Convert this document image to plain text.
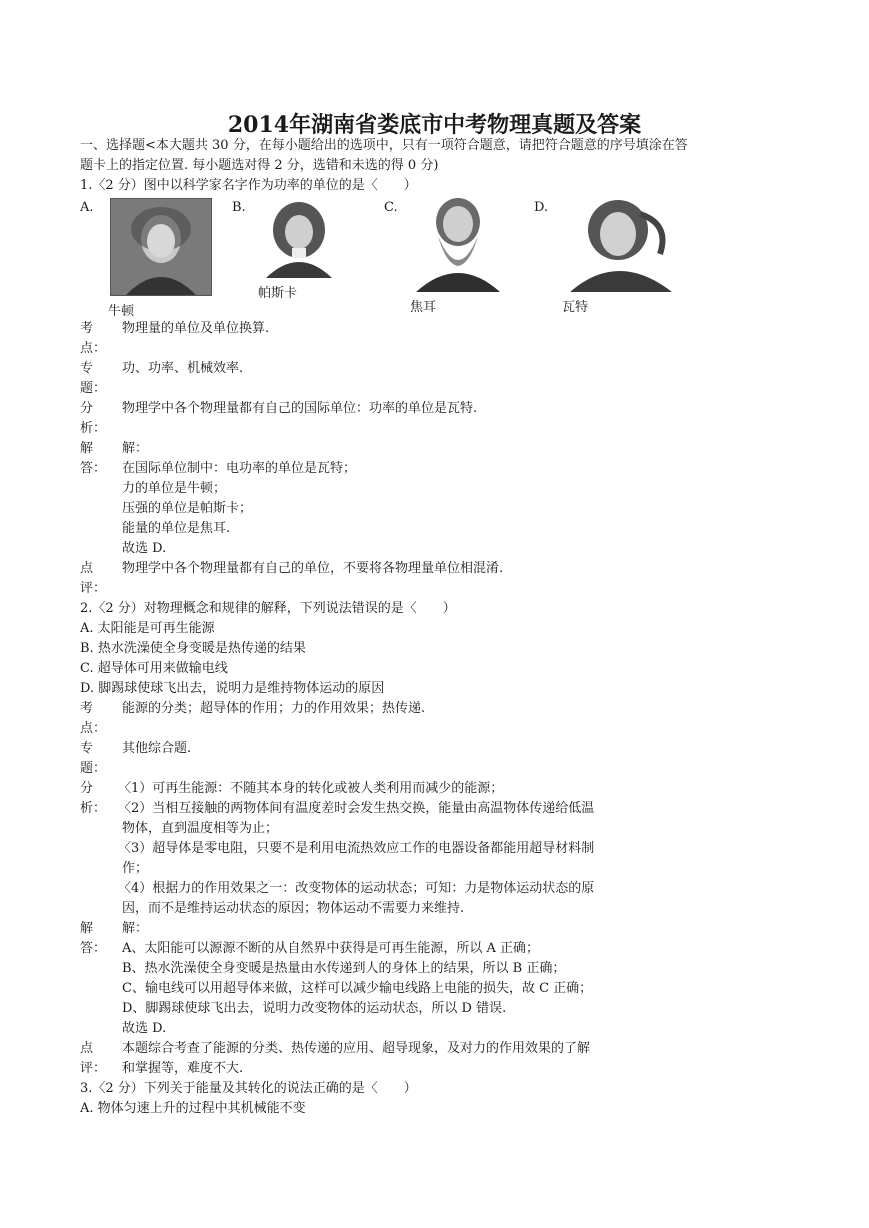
2014年湖南省娄底市中考物理真题及答案
一、选择题<本大题共 30 分，在每小题给出的选项中，只有一项符合题意，请把符合题意的序号填涂在答
题卡上的指定位置. 每小题选对得 2 分，选错和未选的得 0 分)
1.〈2 分）图中以科学家名字作为功率的单位的是〈　　）
A.
牛顿
B.
帕斯卡
C.
焦耳
D.
瓦特
考
点：
物理量的单位及单位换算.
专
题：
功、功率、机械效率.
分
析：
物理学中各个物理量都有自己的国际单位：功率的单位是瓦特.
解
答：
解：
在国际单位制中：电功率的单位是瓦特；
力的单位是牛顿；
压强的单位是帕斯卡；
能量的单位是焦耳.
故选 D.
点
评：
物理学中各个物理量都有自己的单位，不要将各物理量单位相混淆.
2.〈2 分）对物理概念和规律的解释，下列说法错误的是〈　　）
A. 太阳能是可再生能源
B. 热水洗澡使全身变暖是热传递的结果
C. 超导体可用来做输电线
D. 脚踢球使球飞出去，说明力是维持物体运动的原因
考
点：
能源的分类；超导体的作用；力的作用效果；热传递.
专
题：
其他综合题.
分
析：
〈1）可再生能源：不随其本身的转化或被人类利用而减少的能源；
〈2）当相互接触的两物体间有温度差时会发生热交换，能量由高温物体传递给低温
物体，直到温度相等为止；
〈3）超导体是零电阻，只要不是利用电流热效应工作的电器设备都能用超导材料制
作；
〈4）根据力的作用效果之一：改变物体的运动状态；可知：力是物体运动状态的原
因，而不是维持运动状态的原因；物体运动不需要力来维持.
解
答：
解：
A、太阳能可以源源不断的从自然界中获得是可再生能源，所以 A 正确；
B、热水洗澡使全身变暖是热量由水传递到人的身体上的结果，所以 B 正确；
C、输电线可以用超导体来做，这样可以减少输电线路上电能的损失，故 C 正确；
D、脚踢球使球飞出去，说明力改变物体的运动状态，所以 D 错误.
故选 D.
点
评：
本题综合考查了能源的分类、热传递的应用、超导现象，及对力的作用效果的了解
和掌握等，难度不大.
3.〈2 分）下列关于能量及其转化的说法正确的是〈　　）
A. 物体匀速上升的过程中其机械能不变
